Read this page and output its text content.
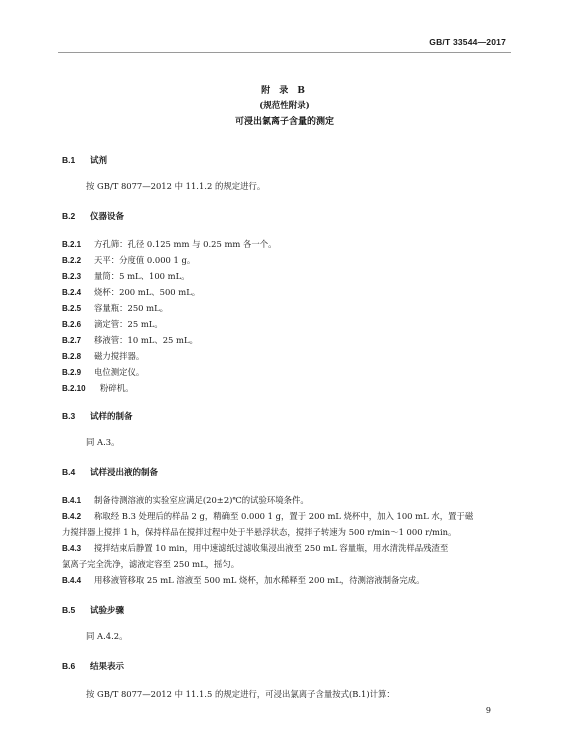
GB/T 33544—2017
附 录 B
(规范性附录)
可浸出氯离子含量的测定
B.1 试剂
按 GB/T 8077—2012 中 11.1.2 的规定进行。
B.2 仪器设备
B.2.1 方孔筛：孔径 0.125 mm 与 0.25 mm 各一个。
B.2.2 天平：分度值 0.000 1 g。
B.2.3 量筒：5 mL、100 mL。
B.2.4 烧杯：200 mL、500 mL。
B.2.5 容量瓶：250 mL。
B.2.6 滴定管：25 mL。
B.2.7 移液管：10 mL、25 mL。
B.2.8 磁力搅拌器。
B.2.9 电位测定仪。
B.2.10 粉碎机。
B.3 试样的制备
同 A.3。
B.4 试样浸出液的制备
B.4.1 制备待测溶液的实验室应满足(20±2)℃的试验环境条件。
B.4.2 称取经 B.3 处理后的样品 2 g，精确至 0.000 1 g，置于 200 mL 烧杯中，加入 100 mL 水，置于磁
力搅拌器上搅拌 1 h，保持样品在搅拌过程中处于半悬浮状态，搅拌子转速为 500 r/min～1 000 r/min。
B.4.3 搅拌结束后静置 10 min，用中速滤纸过滤收集浸出液至 250 mL 容量瓶，用水清洗样品残渣至
氯离子完全洗净，滤液定容至 250 mL，摇匀。
B.4.4 用移液管移取 25 mL 溶液至 500 mL 烧杯，加水稀释至 200 mL，待测溶液制备完成。
B.5 试验步骤
同 A.4.2。
B.6 结果表示
按 GB/T 8077—2012 中 11.1.5 的规定进行，可浸出氯离子含量按式(B.1)计算：
9
